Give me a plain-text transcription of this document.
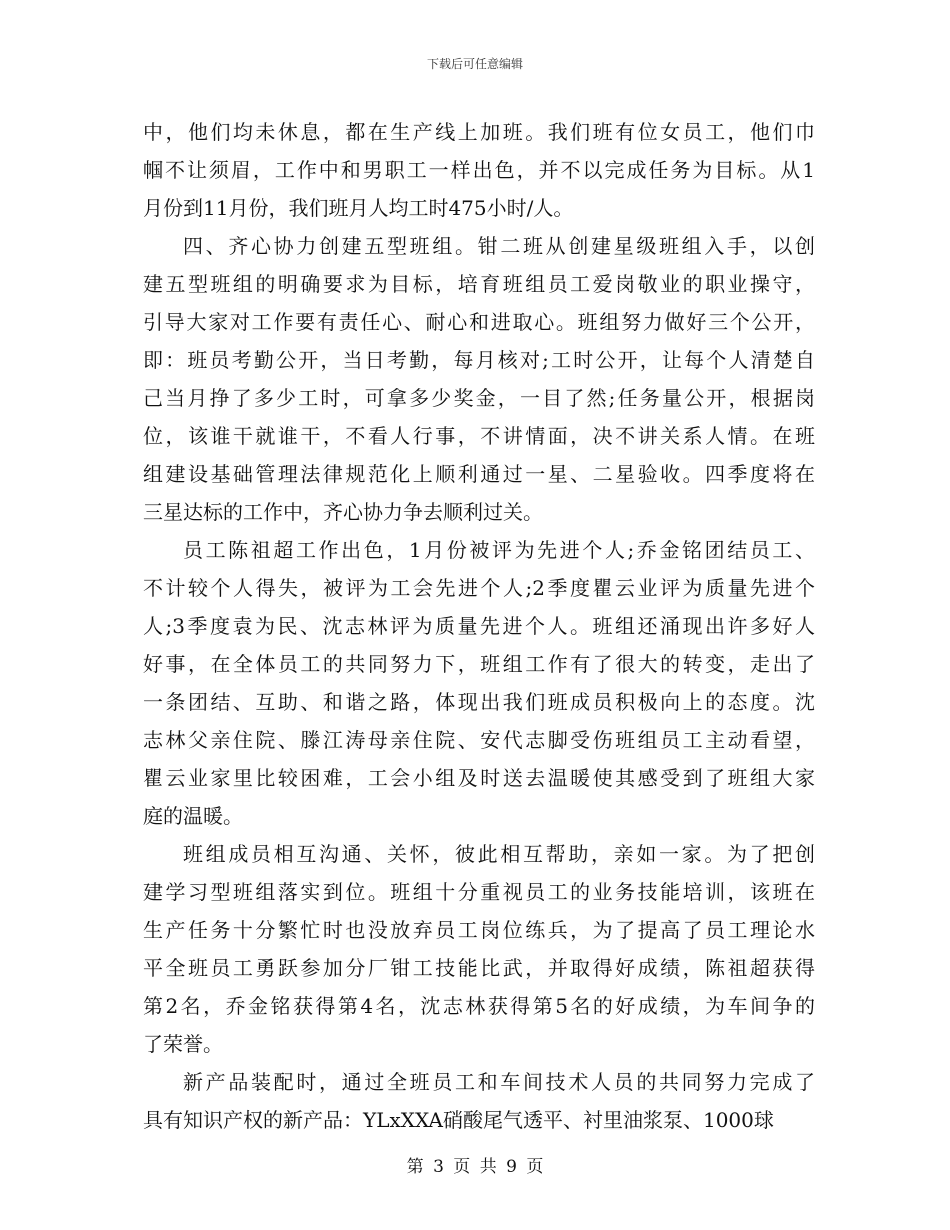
下载后可任意编辑
中，他们均未休息，都在生产线上加班。我们班有位女员工，他们巾
帼不让须眉，工作中和男职工一样出色，并不以完成任务为目标。从1
月份到11月份，我们班月人均工时475小时/人。
四、齐心协力创建五型班组。钳二班从创建星级班组入手，以创
建五型班组的明确要求为目标，培育班组员工爱岗敬业的职业操守，
引导大家对工作要有责任心、耐心和进取心。班组努力做好三个公开，
即：班员考勤公开，当日考勤，每月核对;工时公开，让每个人清楚自
己当月挣了多少工时，可拿多少奖金，一目了然;任务量公开，根据岗
位，该谁干就谁干，不看人行事，不讲情面，决不讲关系人情。在班
组建设基础管理法律规范化上顺利通过一星、二星验收。四季度将在
三星达标的工作中，齐心协力争去顺利过关。
员工陈祖超工作出色，1月份被评为先进个人;乔金铭团结员工、
不计较个人得失，被评为工会先进个人;2季度瞿云业评为质量先进个
人;3季度袁为民、沈志林评为质量先进个人。班组还涌现出许多好人
好事，在全体员工的共同努力下，班组工作有了很大的转变，走出了
一条团结、互助、和谐之路，体现出我们班成员积极向上的态度。沈
志林父亲住院、滕江涛母亲住院、安代志脚受伤班组员工主动看望，
瞿云业家里比较困难，工会小组及时送去温暖使其感受到了班组大家
庭的温暖。
班组成员相互沟通、关怀，彼此相互帮助，亲如一家。为了把创
建学习型班组落实到位。班组十分重视员工的业务技能培训，该班在
生产任务十分繁忙时也没放弃员工岗位练兵，为了提高了员工理论水
平全班员工勇跃参加分厂钳工技能比武，并取得好成绩，陈祖超获得
第2名，乔金铭获得第4名，沈志林获得第5名的好成绩，为车间争的
了荣誉。
新产品装配时，通过全班员工和车间技术人员的共同努力完成了
具有知识产权的新产品：YLxXXA硝酸尾气透平、衬里油浆泵、1000球
第 3 页 共 9 页
